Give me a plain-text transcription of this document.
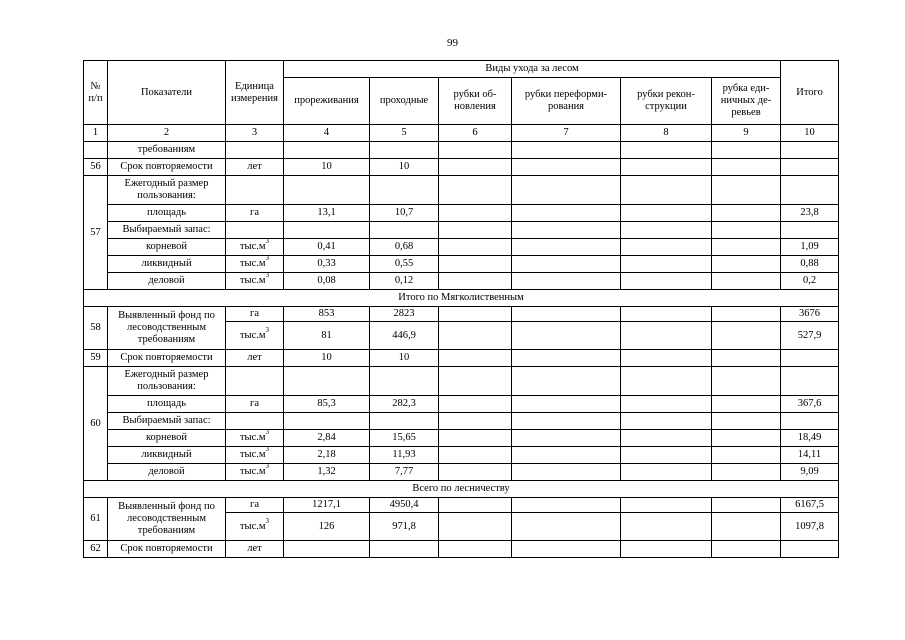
99
№ п/п	Показатели	Единица измерения	Виды ухода за лесом						Итого
			прореживания	проходные	рубки об-новления	рубки переформи-рования	рубки рекон-струкции	рубка еди-ничных де-ревьев	
1	2	3	4	5	6	7	8	9	10
	требованиям								
56	Срок повторяемости	лет	10	10					
57	Ежегодный размер пользования:								
	площадь	га	13,1	10,7					23,8
	Выбираемый запас:								
	корневой	$тыс.м^3$	0,41	0,68					1,09
	ликвидный	$тыс.м^3$	0,33	0,55					0,88
	деловой	$тыс.м^3$	0,08	0,12					0,2
Итого по Мягколиственным									
58	Выявленный фонд по лесоводственным требованиям	га	853	2823					3676
		$тыс.м^3$	81	446,9					527,9
59	Срок повторяемости	лет	10	10					
60	Ежегодный размер пользования:								
	площадь	га	85,3	282,3					367,6
	Выбираемый запас:								
	корневой	$тыс.м^3$	2,84	15,65					18,49
	ликвидный	$тыс.м^3$	2,18	11,93					14,11
	деловой	$тыс.м^3$	1,32	7,77					9,09
Всего по лесничеству									
61	Выявленный фонд по лесоводственным требованиям	га	1217,1	4950,4					6167,5
		$тыс.м^3$	126	971,8					1097,8
62	Срок повторяемости	лет							
